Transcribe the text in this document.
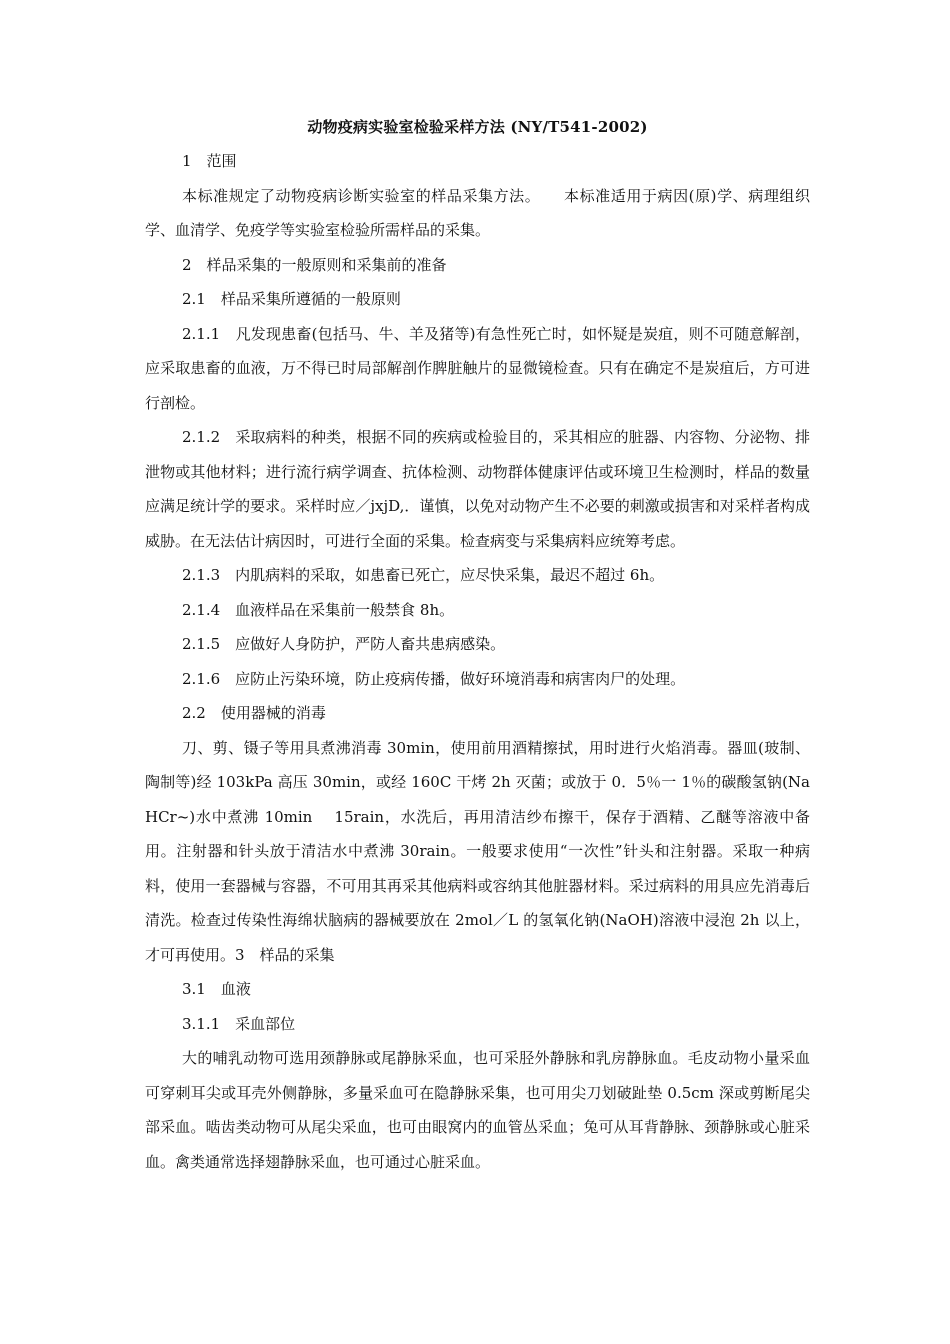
动物疫病实验室检验采样方法 (NY/T541-2002)

1　范围

本标准规定了动物疫病诊断实验室的样品采集方法。　　本标准适用于病因(原)学、病理组织学、血清学、免疫学等实验室检验所需样品的采集。

2　样品采集的一般原则和采集前的准备

2.1　样品采集所遵循的一般原则

2.1.1　凡发现患畜(包括马、牛、羊及猪等)有急性死亡时，如怀疑是炭疽，则不可随意解剖，应采取患畜的血液，万不得已时局部解剖作脾脏触片的显微镜检查。只有在确定不是炭疽后，方可进行剖检。

2.1.2　采取病料的种类，根据不同的疾病或检验目的，采其相应的脏器、内容物、分泌物、排泄物或其他材料；进行流行病学调查、抗体检测、动物群体健康评估或环境卫生检测时，样品的数量应满足统计学的要求。采样时应／jxjD,．谨慎，以免对动物产生不必要的刺激或损害和对采样者构成威胁。在无法估计病因时，可进行全面的采集。检查病变与采集病料应统筹考虑。

2.1.3　内肌病料的采取，如患畜已死亡，应尽快采集，最迟不超过 6h。

2.1.4　血液样品在采集前一般禁食 8h。

2.1.5　应做好人身防护，严防人畜共患病感染。

2.1.6　应防止污染环境，防止疫病传播，做好环境消毒和病害肉尸的处理。

2.2　使用器械的消毒

刀、剪、镊子等用具煮沸消毒 30min，使用前用酒精擦拭，用时进行火焰消毒。器皿(玻制、陶制等)经 103kPa 高压 30min，或经 160C 干烤 2h 灭菌；或放于 0．5％一 1％的碳酸氢钠(NaHCr~)水中煮沸 10min　 15rain，水洗后，再用清洁纱布擦干，保存于酒精、乙醚等溶液中备用。注射器和针头放于清洁水中煮沸 30rain。一般要求使用“一次性”针头和注射器。采取一种病料，使用一套器械与容器，不可用其再采其他病料或容纳其他脏器材料。采过病料的用具应先消毒后清洗。检查过传染性海绵状脑病的器械要放在 2mol／L 的氢氧化钠(NaOH)溶液中浸泡 2h 以上，才可再使用。3　样品的采集

3.1　血液

3.1.1　采血部位

大的哺乳动物可选用颈静脉或尾静脉采血，也可采胫外静脉和乳房静脉血。毛皮动物小量采血可穿刺耳尖或耳壳外侧静脉，多量采血可在隐静脉采集，也可用尖刀划破趾垫 0.5cm 深或剪断尾尖部采血。啮齿类动物可从尾尖采血，也可由眼窝内的血管丛采血；兔可从耳背静脉、颈静脉或心脏采血。禽类通常选择翅静脉采血，也可通过心脏采血。
